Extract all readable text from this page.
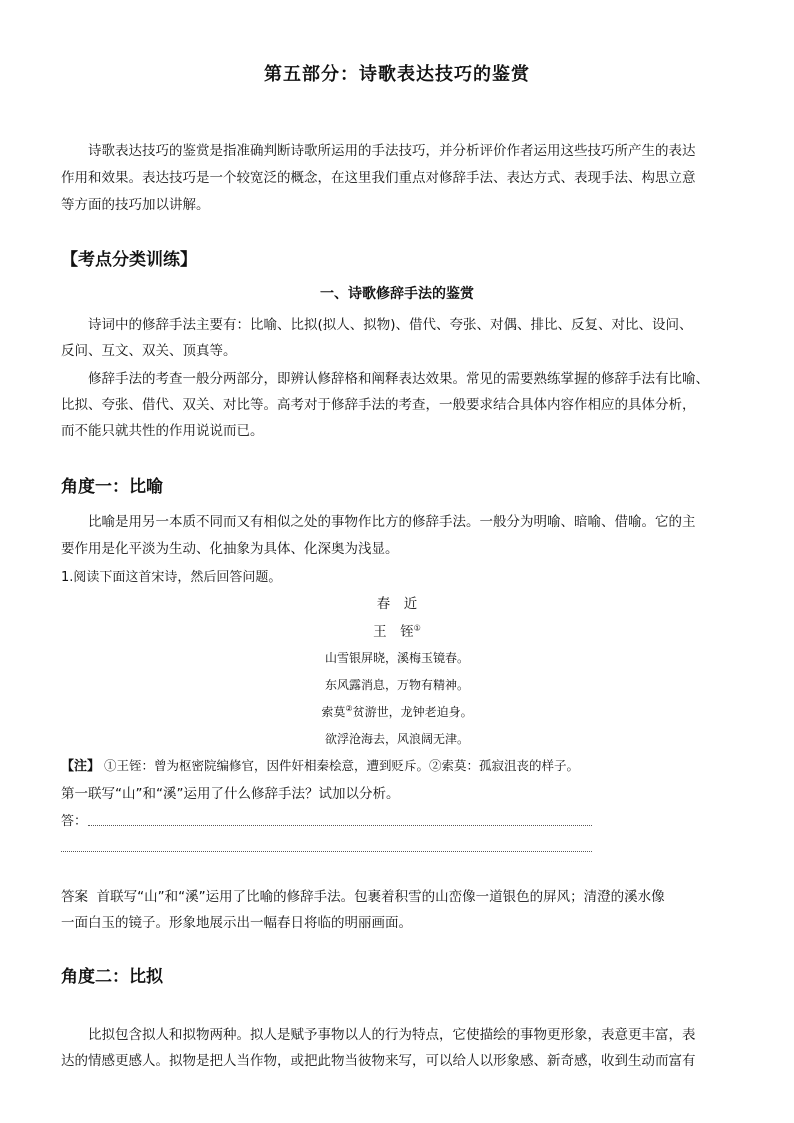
第五部分：诗歌表达技巧的鉴赏
诗歌表达技巧的鉴赏是指准确判断诗歌所运用的手法技巧，并分析评价作者运用这些技巧所产生的表达
作用和效果。表达技巧是一个较宽泛的概念，在这里我们重点对修辞手法、表达方式、表现手法、构思立意
等方面的技巧加以讲解。
【考点分类训练】
一、诗歌修辞手法的鉴赏
诗词中的修辞手法主要有：比喻、比拟(拟人、拟物)、借代、夸张、对偶、排比、反复、对比、设问、
反问、互文、双关、顶真等。
修辞手法的考查一般分两部分，即辨认修辞格和阐释表达效果。常见的需要熟练掌握的修辞手法有比喻、
比拟、夸张、借代、双关、对比等。高考对于修辞手法的考查，一般要求结合具体内容作相应的具体分析，
而不能只就共性的作用说说而已。
角度一：比喻
比喻是用另一本质不同而又有相似之处的事物作比方的修辞手法。一般分为明喻、暗喻、借喻。它的主
要作用是化平淡为生动、化抽象为具体、化深奥为浅显。
1.阅读下面这首宋诗，然后回答问题。
春　近
王　铚①
山雪银屏晓，溪梅玉镜春。
东风露消息，万物有精神。
索莫②贫游世，龙钟老迫身。
欲浮沧海去，风浪阔无津。
【注】 ①王铚：曾为枢密院编修官，因件奸相秦桧意，遭到贬斥。②索莫：孤寂沮丧的样子。
第一联写“山”和“溪”运用了什么修辞手法？试加以分析。
答：
答案 首联写“山”和“溪”运用了比喻的修辞手法。包裹着积雪的山峦像一道银色的屏风；清澄的溪水像
一面白玉的镜子。形象地展示出一幅春日将临的明丽画面。
角度二：比拟
比拟包含拟人和拟物两种。拟人是赋予事物以人的行为特点，它使描绘的事物更形象，表意更丰富，表
达的情感更感人。拟物是把人当作物，或把此物当彼物来写，可以给人以形象感、新奇感，收到生动而富有
